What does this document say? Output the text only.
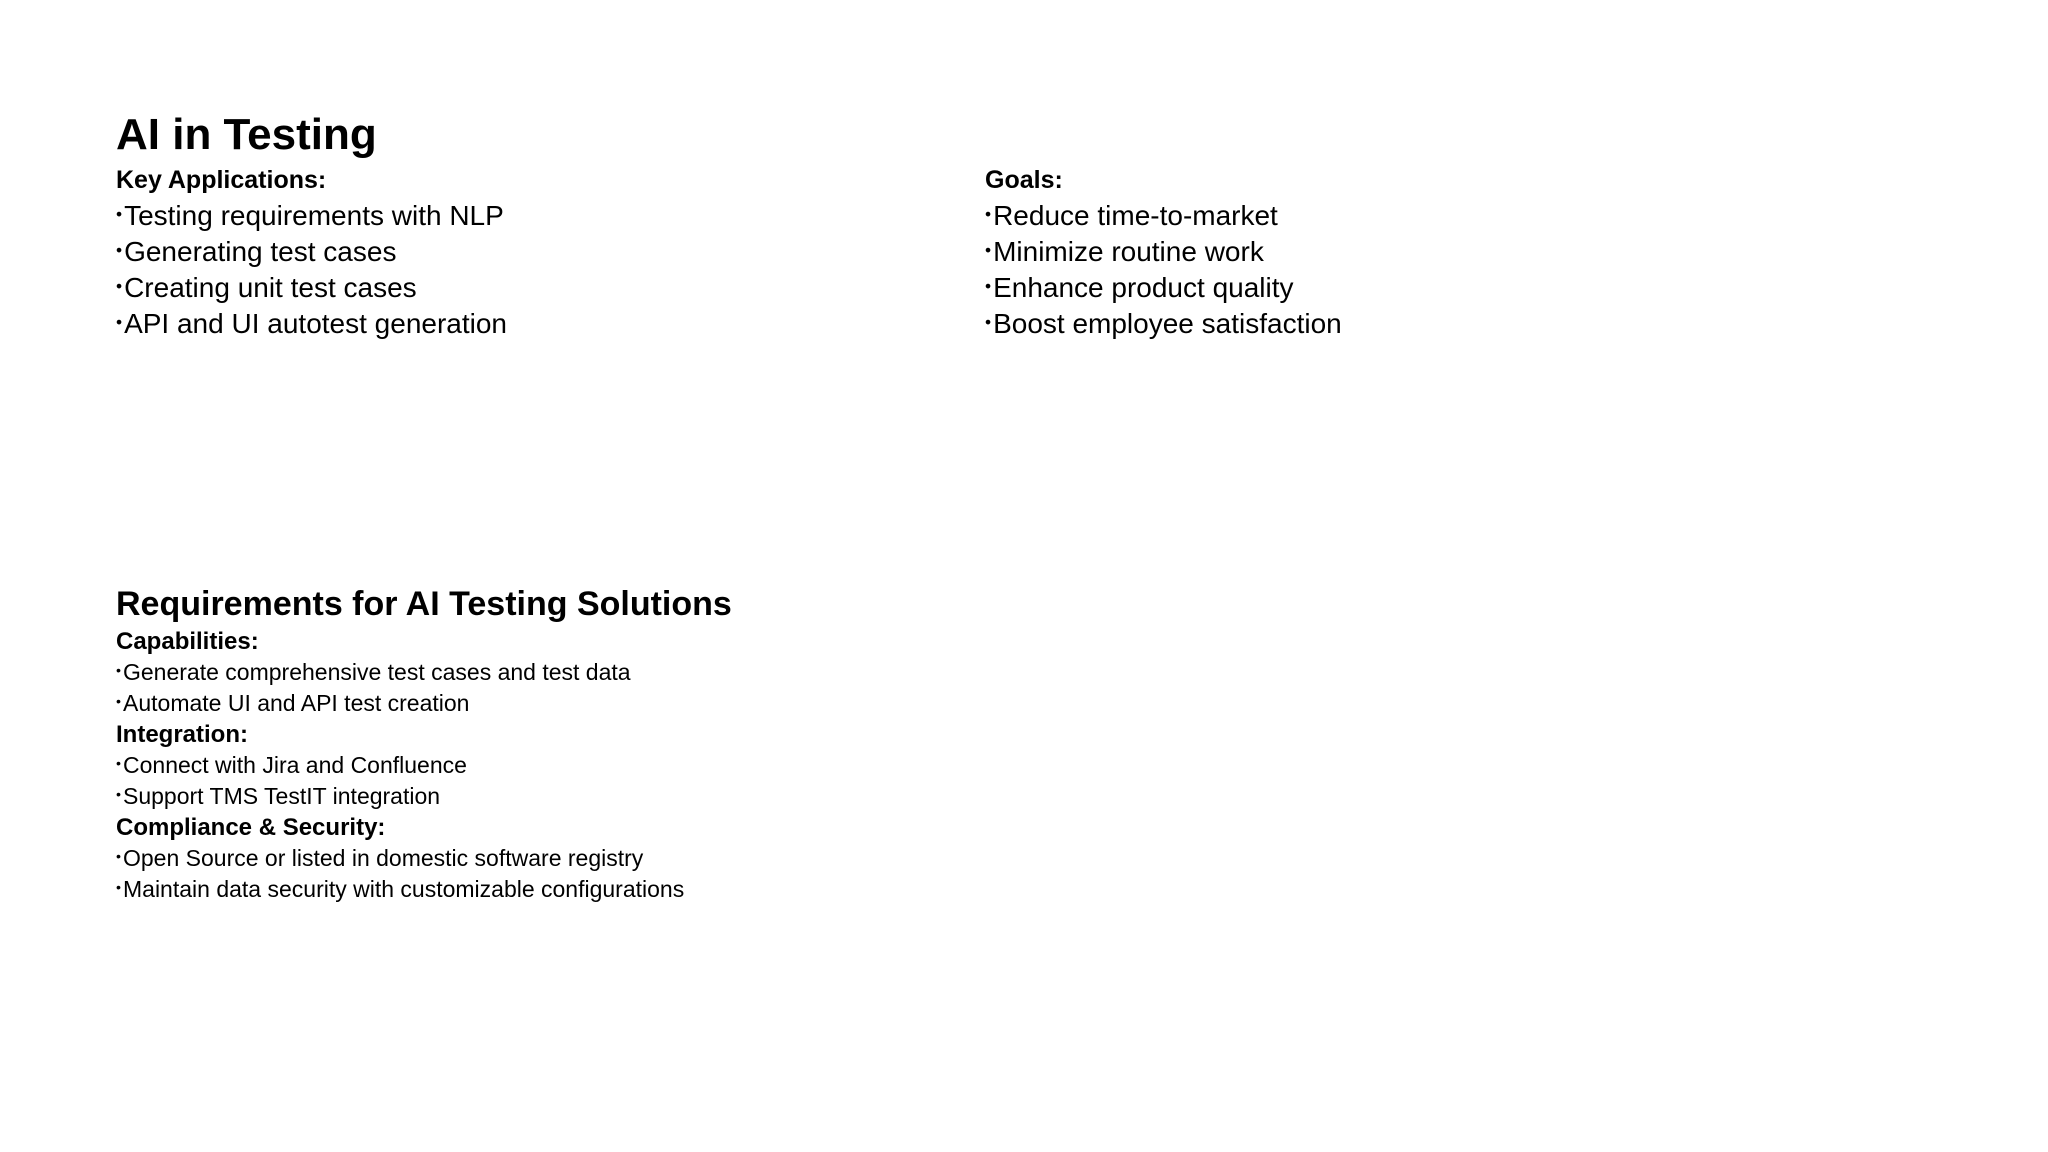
AI in Testing
Key Applications:
• Testing requirements with NLP
• Generating test cases
• Creating unit test cases
• API and UI autotest generation
Goals:
• Reduce time-to-market
• Minimize routine work
• Enhance product quality
• Boost employee satisfaction
Requirements for AI Testing Solutions
Capabilities:
• Generate comprehensive test cases and test data
• Automate UI and API test creation
Integration:
• Connect with Jira and Confluence
• Support TMS TestIT integration
Compliance & Security:
• Open Source or listed in domestic software registry
• Maintain data security with customizable configurations
